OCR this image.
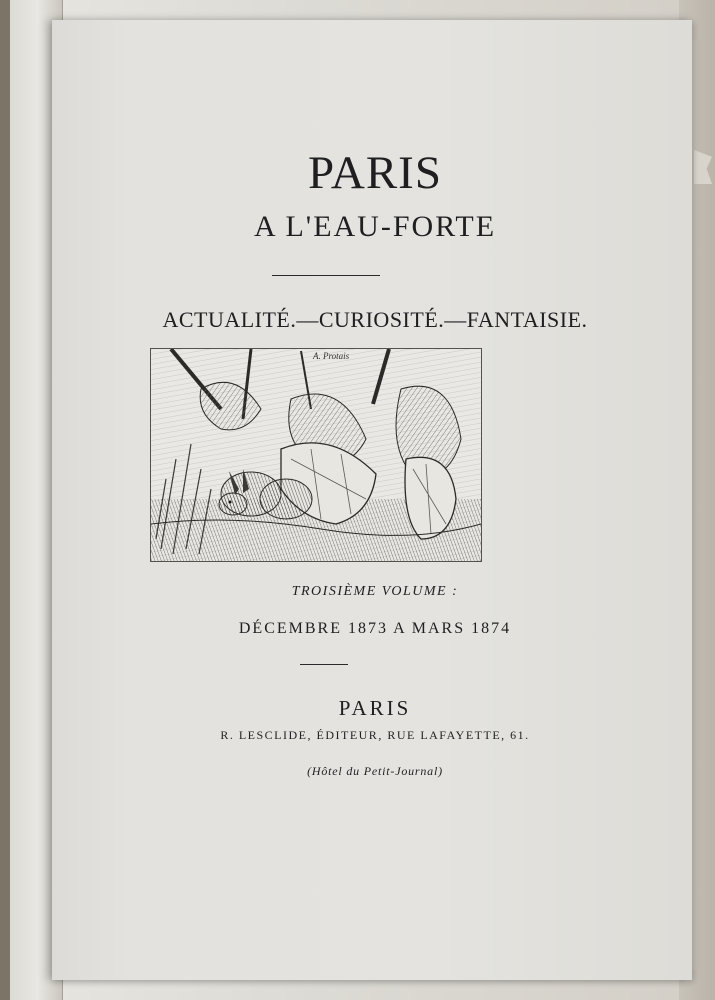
PARIS
A L'EAU-FORTE
ACTUALITÉ.—CURIOSITÉ.—FANTAISIE.
A. Protais
TROISIÈME VOLUME :
DÉCEMBRE 1873 A MARS 1874
PARIS
R. LESCLIDE, ÉDITEUR, RUE LAFAYETTE, 61.
(Hôtel du Petit-Journal)
